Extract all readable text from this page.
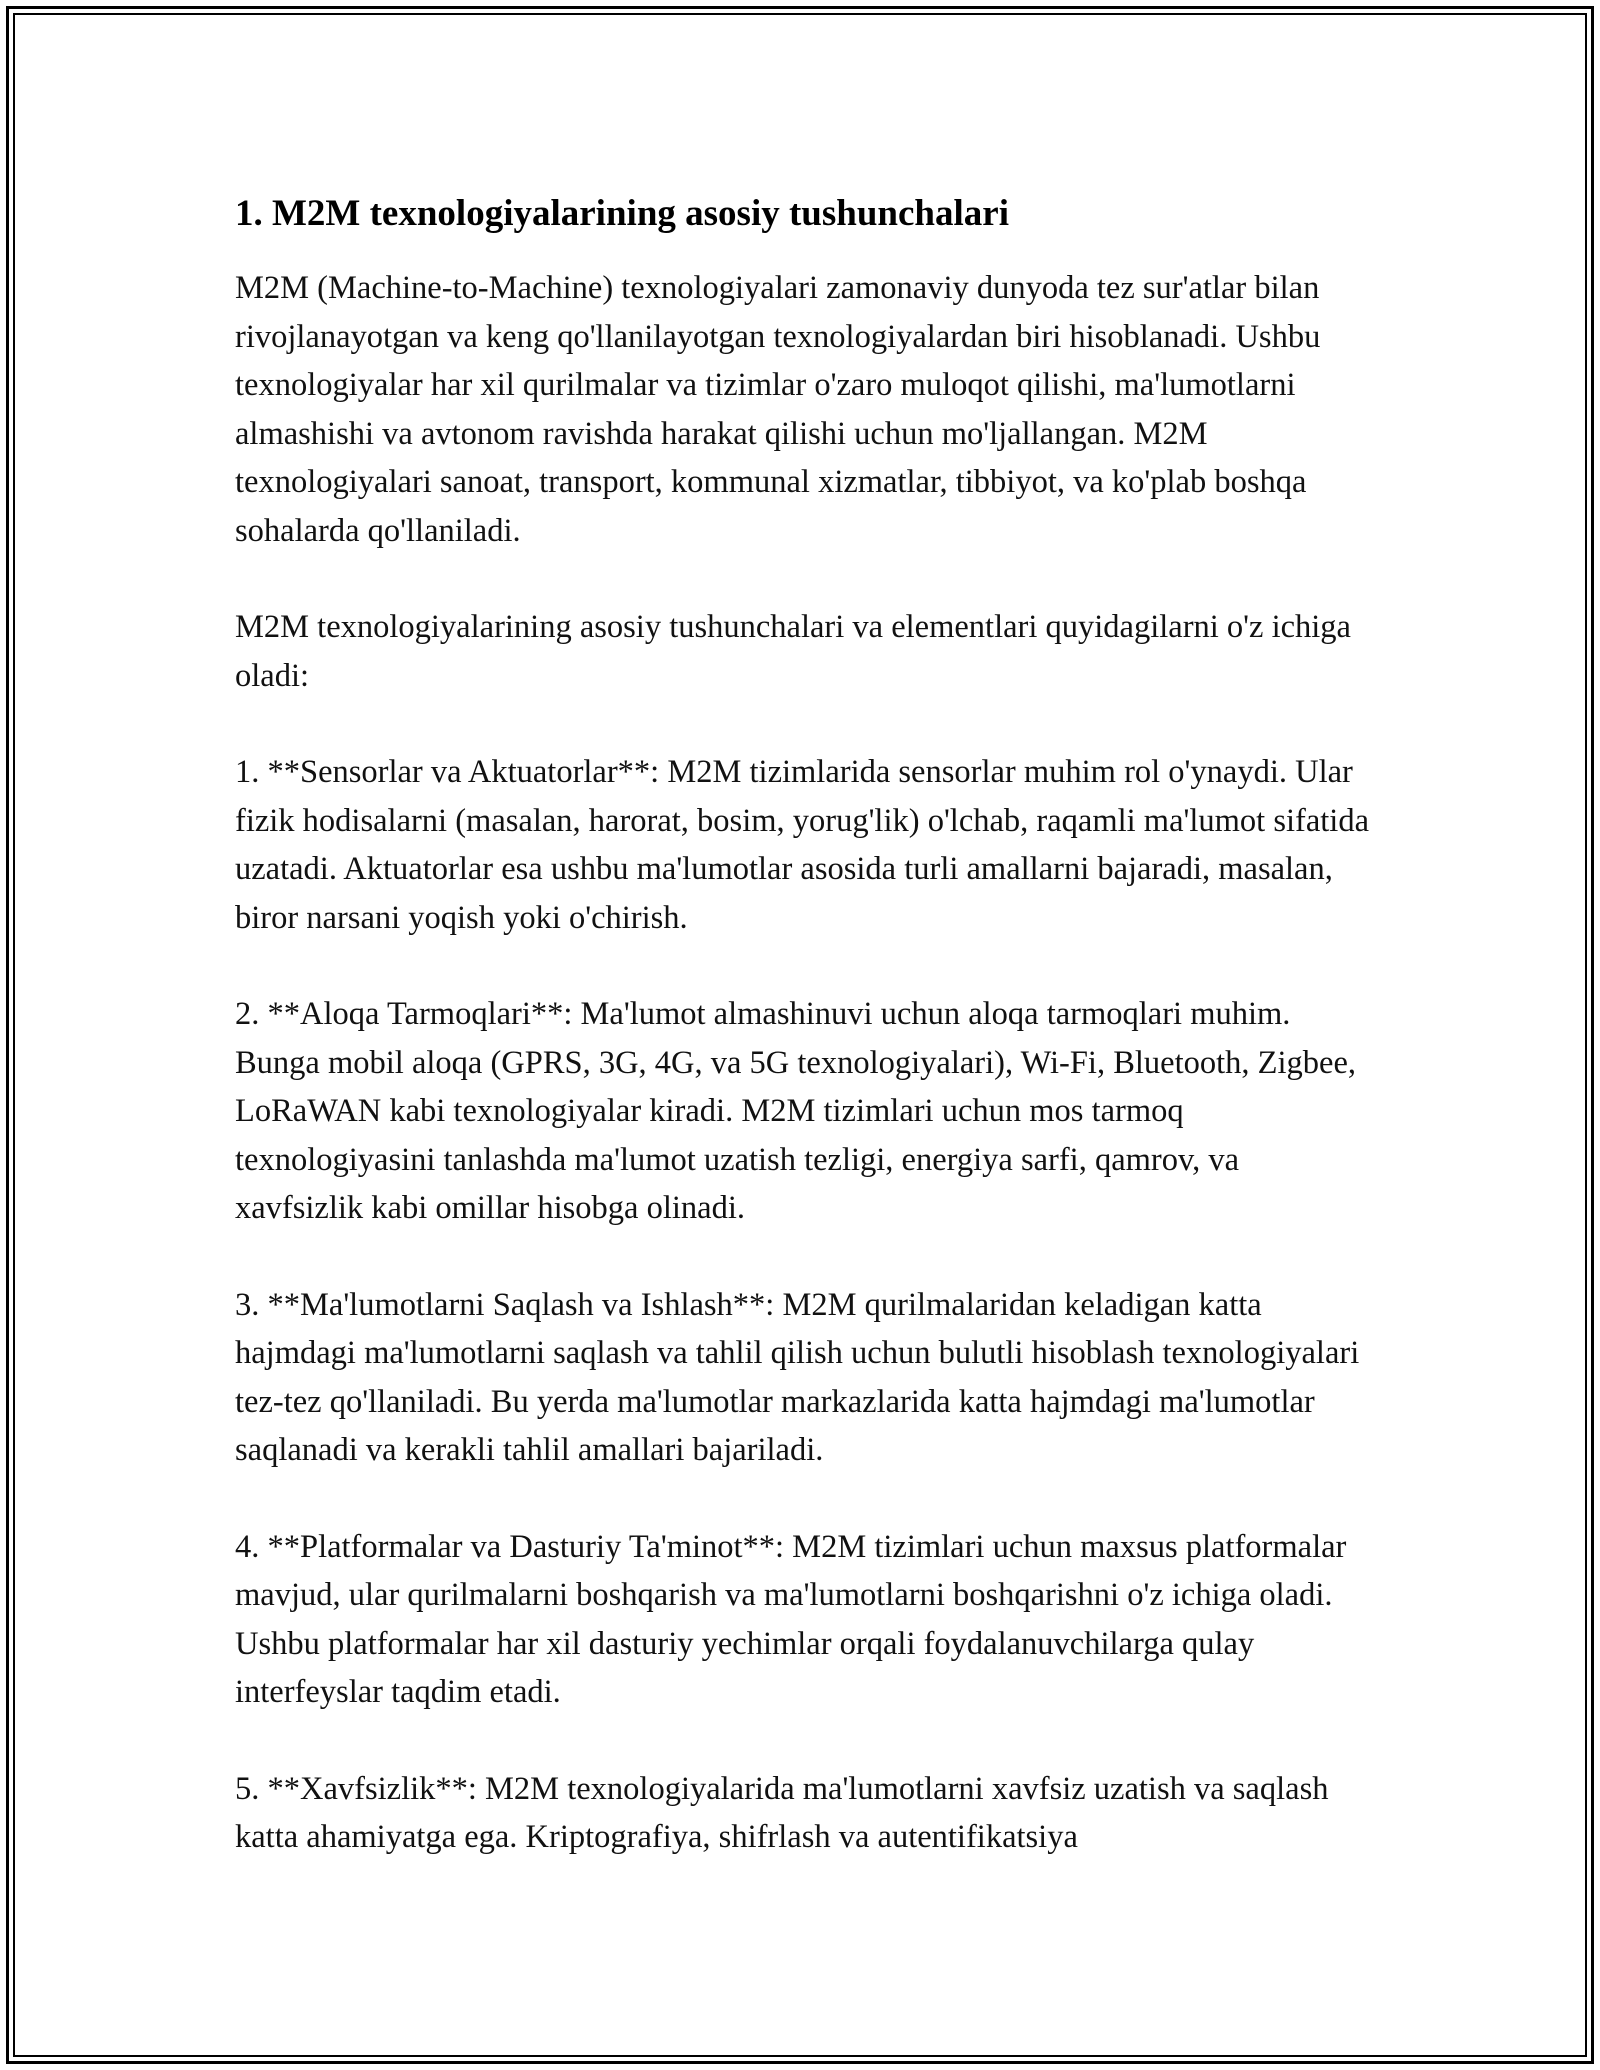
1. M2M texnologiyalarining asosiy tushunchalari

M2M (Machine-to-Machine) texnologiyalari zamonaviy dunyoda tez sur'atlar bilan rivojlanayotgan va keng qo'llanilayotgan texnologiyalardan biri hisoblanadi. Ushbu texnologiyalar har xil qurilmalar va tizimlar o'zaro muloqot qilishi, ma'lumotlarni almashishi va avtonom ravishda harakat qilishi uchun mo'ljallangan. M2M texnologiyalari sanoat, transport, kommunal xizmatlar, tibbiyot, va ko'plab boshqa sohalarda qo'llaniladi.

M2M texnologiyalarining asosiy tushunchalari va elementlari quyidagilarni o'z ichiga oladi:

1. **Sensorlar va Aktuatorlar**: M2M tizimlarida sensorlar muhim rol o'ynaydi. Ular fizik hodisalarni (masalan, harorat, bosim, yorug'lik) o'lchab, raqamli ma'lumot sifatida uzatadi. Aktuatorlar esa ushbu ma'lumotlar asosida turli amallarni bajaradi, masalan, biror narsani yoqish yoki o'chirish.

2. **Aloqa Tarmoqlari**: Ma'lumot almashinuvi uchun aloqa tarmoqlari muhim. Bunga mobil aloqa (GPRS, 3G, 4G, va 5G texnologiyalari), Wi-Fi, Bluetooth, Zigbee, LoRaWAN kabi texnologiyalar kiradi. M2M tizimlari uchun mos tarmoq texnologiyasini tanlashda ma'lumot uzatish tezligi, energiya sarfi, qamrov, va xavfsizlik kabi omillar hisobga olinadi.

3. **Ma'lumotlarni Saqlash va Ishlash**: M2M qurilmalaridan keladigan katta hajmdagi ma'lumotlarni saqlash va tahlil qilish uchun bulutli hisoblash texnologiyalari tez-tez qo'llaniladi. Bu yerda ma'lumotlar markazlarida katta hajmdagi ma'lumotlar saqlanadi va kerakli tahlil amallari bajariladi.

4. **Platformalar va Dasturiy Ta'minot**: M2M tizimlari uchun maxsus platformalar mavjud, ular qurilmalarni boshqarish va ma'lumotlarni boshqarishni o'z ichiga oladi. Ushbu platformalar har xil dasturiy yechimlar orqali foydalanuvchilarga qulay interfeyslar taqdim etadi.

5. **Xavfsizlik**: M2M texnologiyalarida ma'lumotlarni xavfsiz uzatish va saqlash katta ahamiyatga ega. Kriptografiya, shifrlash va autentifikatsiya
